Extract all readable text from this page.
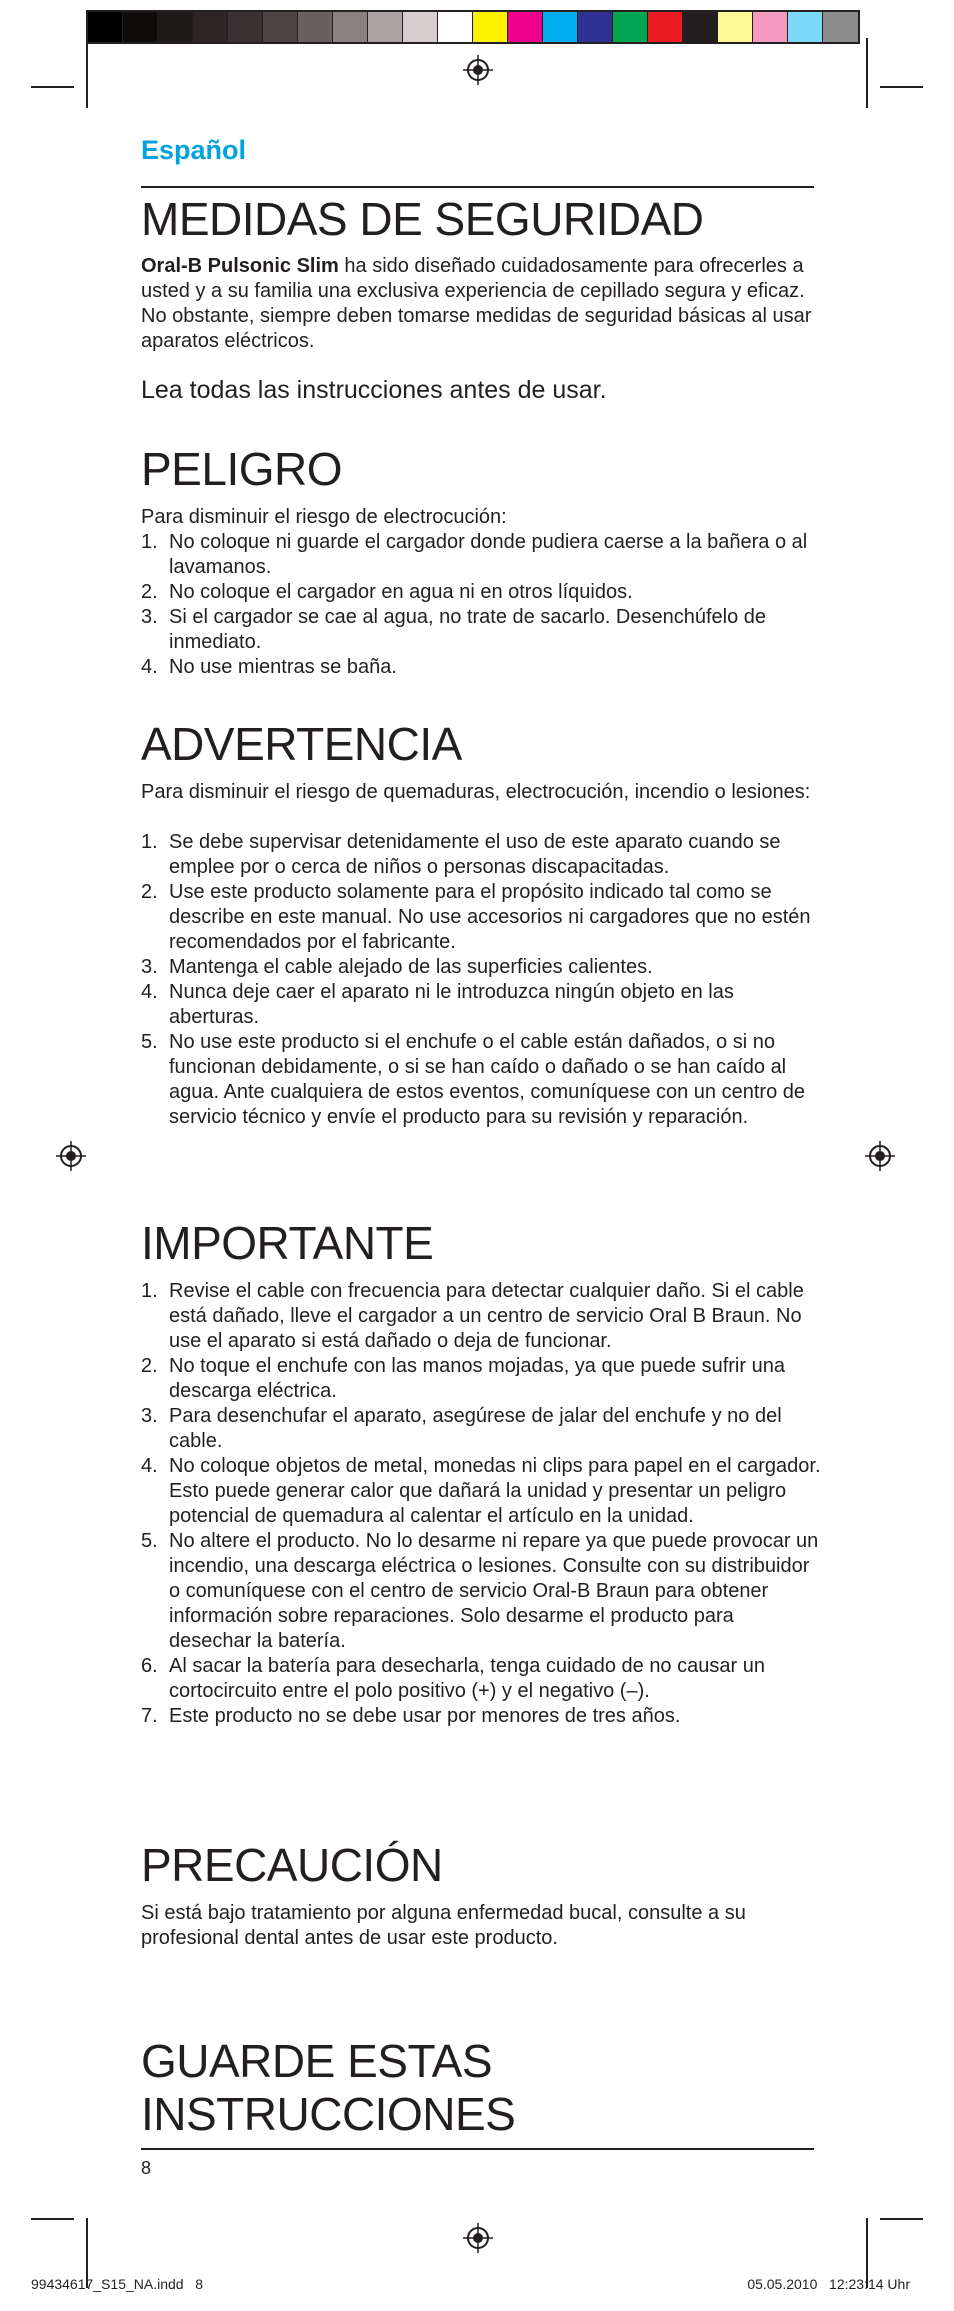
Español

MEDIDAS DE SEGURIDAD

Oral-B Pulsonic Slim ha sido diseñado cuidadosamente para ofrecerles a usted y a su familia una exclusiva experiencia de cepillado segura y eficaz. No obstante, siempre deben tomarse medidas de seguridad básicas al usar aparatos eléctricos.

Lea todas las instrucciones antes de usar.

PELIGRO

Para disminuir el riesgo de electrocución:

1. No coloque ni guarde el cargador donde pudiera caerse a la bañera o al lavamanos.
2. No coloque el cargador en agua ni en otros líquidos.
3. Si el cargador se cae al agua, no trate de sacarlo. Desenchúfelo de inmediato.
4. No use mientras se baña.
ADVERTENCIA

Para disminuir el riesgo de quemaduras, electrocución, incendio o lesiones:

1. Se debe supervisar detenidamente el uso de este aparato cuando se emplee por o cerca de niños o personas discapacitadas.
2. Use este producto solamente para el propósito indicado tal como se describe en este manual. No use accesorios ni cargadores que no estén recomendados por el fabricante.
3. Mantenga el cable alejado de las superficies calientes.
4. Nunca deje caer el aparato ni le introduzca ningún objeto en las aberturas.
5. No use este producto si el enchufe o el cable están dañados, o si no funcionan debidamente, o si se han caído o dañado o se han caído al agua. Ante cualquiera de estos eventos, comuníquese con un centro de servicio técnico y envíe el producto para su revisión y reparación.
IMPORTANTE
1. Revise el cable con frecuencia para detectar cualquier daño. Si el cable está dañado, lleve el cargador a un centro de servicio Oral B Braun. No use el aparato si está dañado o deja de funcionar.
2. No toque el enchufe con las manos mojadas, ya que puede sufrir una descarga eléctrica.
3. Para desenchufar el aparato, asegúrese de jalar del enchufe y no del cable.
4. No coloque objetos de metal, monedas ni clips para papel en el cargador. Esto puede generar calor que dañará la unidad y presentar un peligro potencial de quemadura al calentar el artículo en la unidad.
5. No altere el producto. No lo desarme ni repare ya que puede provocar un incendio, una descarga eléctrica o lesiones. Consulte con su distribuidor o comuníquese con el centro de servicio Oral-B Braun para obtener información sobre reparaciones. Solo desarme el producto para desechar la batería.
6. Al sacar la batería para desecharla, tenga cuidado de no causar un cortocircuito entre el polo positivo (+) y el negativo (–).
7. Este producto no se debe usar por menores de tres años.
PRECAUCIÓN

Si está bajo tratamiento por alguna enfermedad bucal, consulte a su profesional dental antes de usar este producto.

GUARDE ESTAS
INSTRUCCIONES

8

99434617_S15_NA.indd   8	05.05.2010   12:23:14 Uhr
